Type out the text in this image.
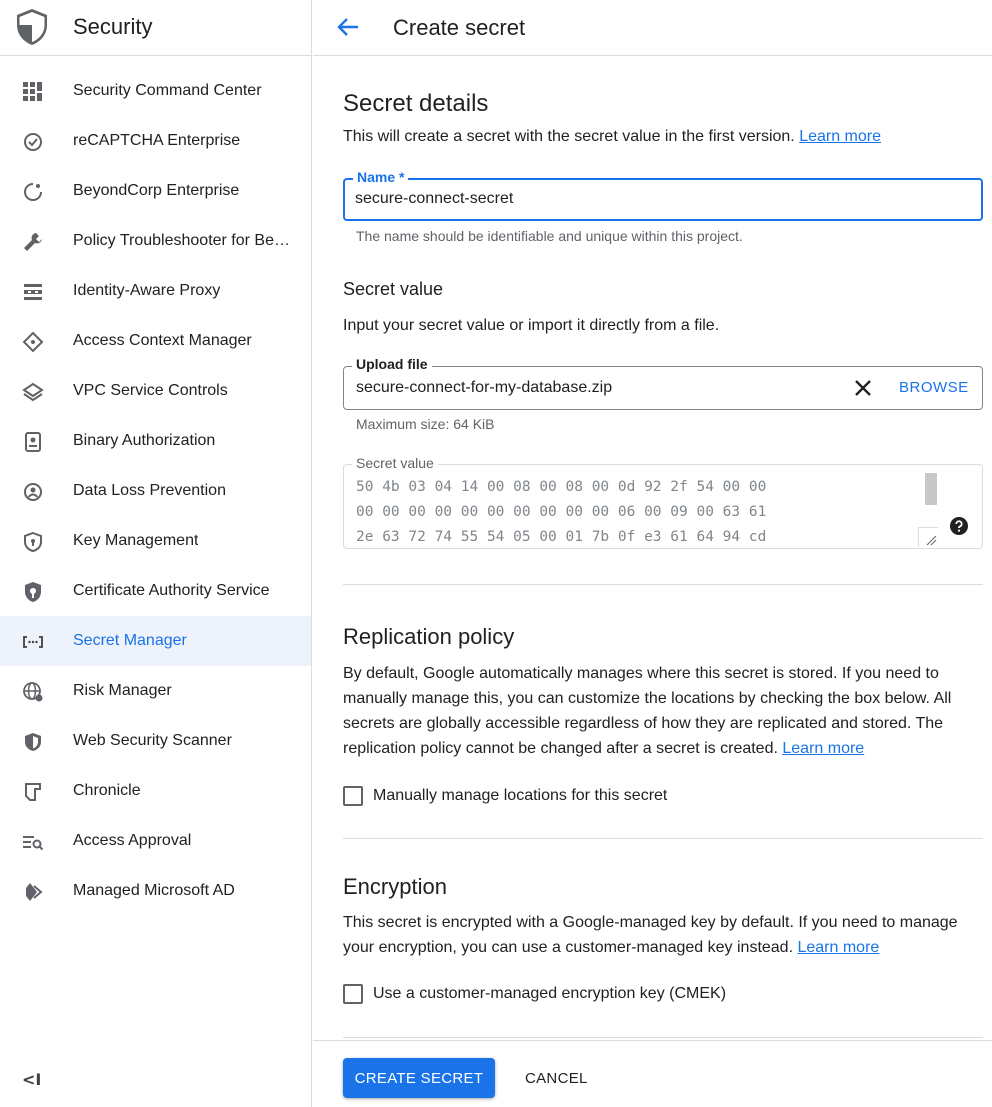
Security
Security Command Center
reCAPTCHA Enterprise
BeyondCorp Enterprise
Policy Troubleshooter for Be…
Identity-Aware Proxy
Access Context Manager
VPC Service Controls
Binary Authorization
Data Loss Prevention
Key Management
Certificate Authority Service
Secret Manager
Risk Manager
Web Security Scanner
Chronicle
Access Approval
Managed Microsoft AD
<I
Create secret
Secret details

This will create a secret with the secret value in the first version. Learn more

Name *
secure-connect-secret
The name should be identifiable and unique within this project.
Secret value

Input your secret value or import it directly from a file.

Upload file
secure-connect-for-my-database.zip	BROWSE
Maximum size: 64 KiB
Secret value
50 4b 03 04 14 00 08 00 08 00 0d 92 2f 54 00 00 00 00 00 00 00 00 00 00 00 00 06 00 09 00 63 61 2e 63 72 74 55 54 05 00 01 7b 0f e3 61 64 94 cd
Replication policy

By default, Google automatically manages where this secret is stored. If you need to manually manage this, you can customize the locations by checking the box below. All secrets are globally accessible regardless of how they are replicated and stored. The replication policy cannot be changed after a secret is created. Learn more

Manually manage locations for this secret
Encryption

This secret is encrypted with a Google-managed key by default. If you need to manage your encryption, you can use a customer-managed key instead. Learn more

Use a customer-managed encryption key (CMEK)
CREATE SECRET	CANCEL
